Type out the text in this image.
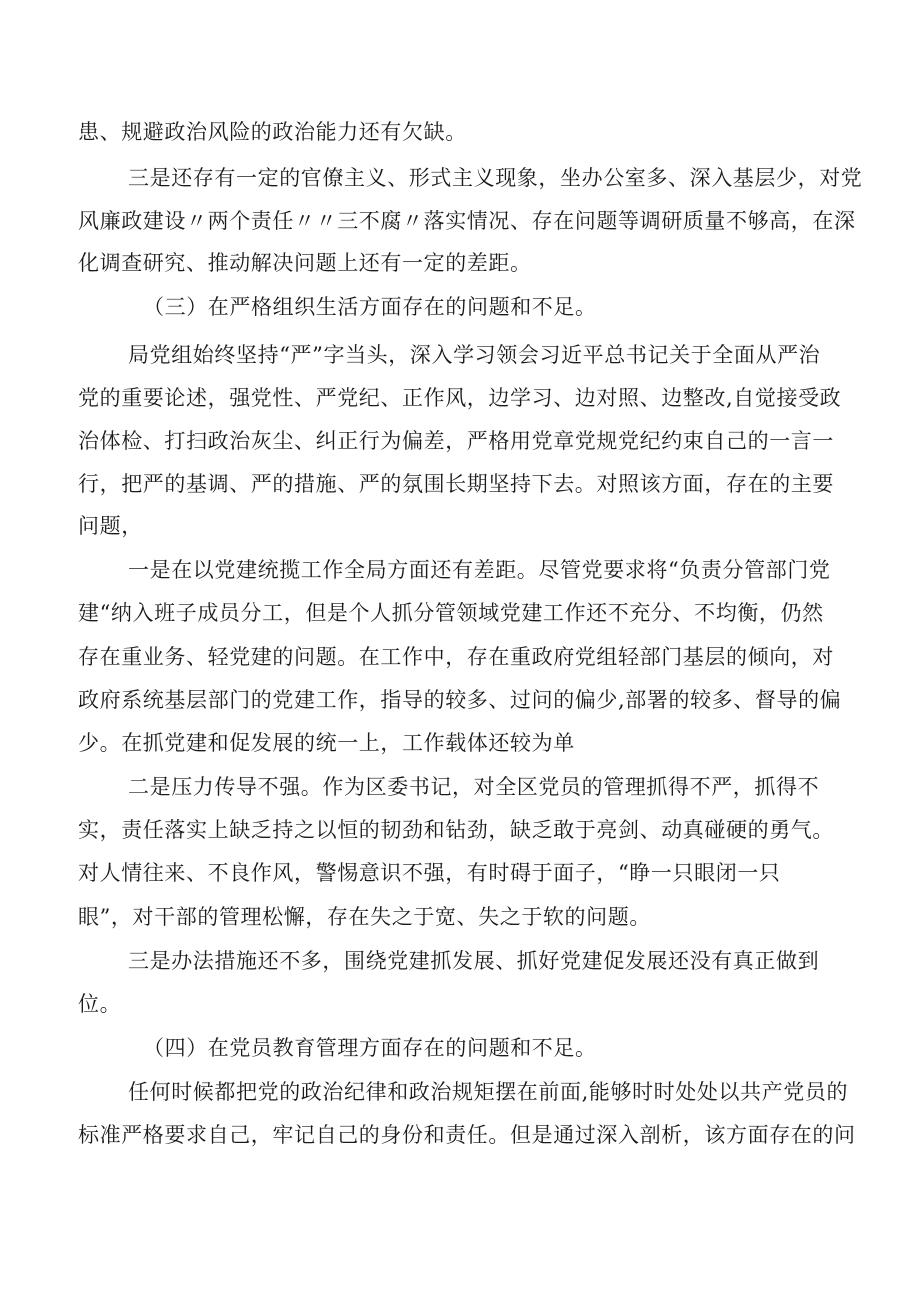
患、规避政治风险的政治能力还有欠缺。
三是还存有一定的官僚主义、形式主义现象，坐办公室多、深入基层少，对党
风廉政建设〃两个责任〃〃三不腐〃落实情况、存在问题等调研质量不够高，在深
化调查研究、推动解决问题上还有一定的差距。
（三）在严格组织生活方面存在的问题和不足。
局党组始终坚持“严”字当头，深入学习领会习近平总书记关于全面从严治
党的重要论述，强党性、严党纪、正作风，边学习、边对照、边整改,自觉接受政
治体检、打扫政治灰尘、纠正行为偏差，严格用党章党规党纪约束自己的一言一
行，把严的基调、严的措施、严的氛围长期坚持下去。对照该方面，存在的主要
问题，
一是在以党建统揽工作全局方面还有差距。尽管党要求将“负责分管部门党
建“纳入班子成员分工，但是个人抓分管领域党建工作还不充分、不均衡，仍然
存在重业务、轻党建的问题。在工作中，存在重政府党组轻部门基层的倾向，对
政府系统基层部门的党建工作，指导的较多、过问的偏少,部署的较多、督导的偏
少。在抓党建和促发展的统一上，工作载体还较为单
二是压力传导不强。作为区委书记，对全区党员的管理抓得不严，抓得不
实，责任落实上缺乏持之以恒的韧劲和钻劲，缺乏敢于亮剑、动真碰硬的勇气。
对人情往来、不良作风，警惕意识不强，有时碍于面子，“睁一只眼闭一只
眼”，对干部的管理松懈，存在失之于宽、失之于软的问题。
三是办法措施还不多，围绕党建抓发展、抓好党建促发展还没有真正做到
位。
（四）在党员教育管理方面存在的问题和不足。
任何时候都把党的政治纪律和政治规矩摆在前面,能够时时处处以共产党员的
标准严格要求自己，牢记自己的身份和责任。但是通过深入剖析，该方面存在的问
